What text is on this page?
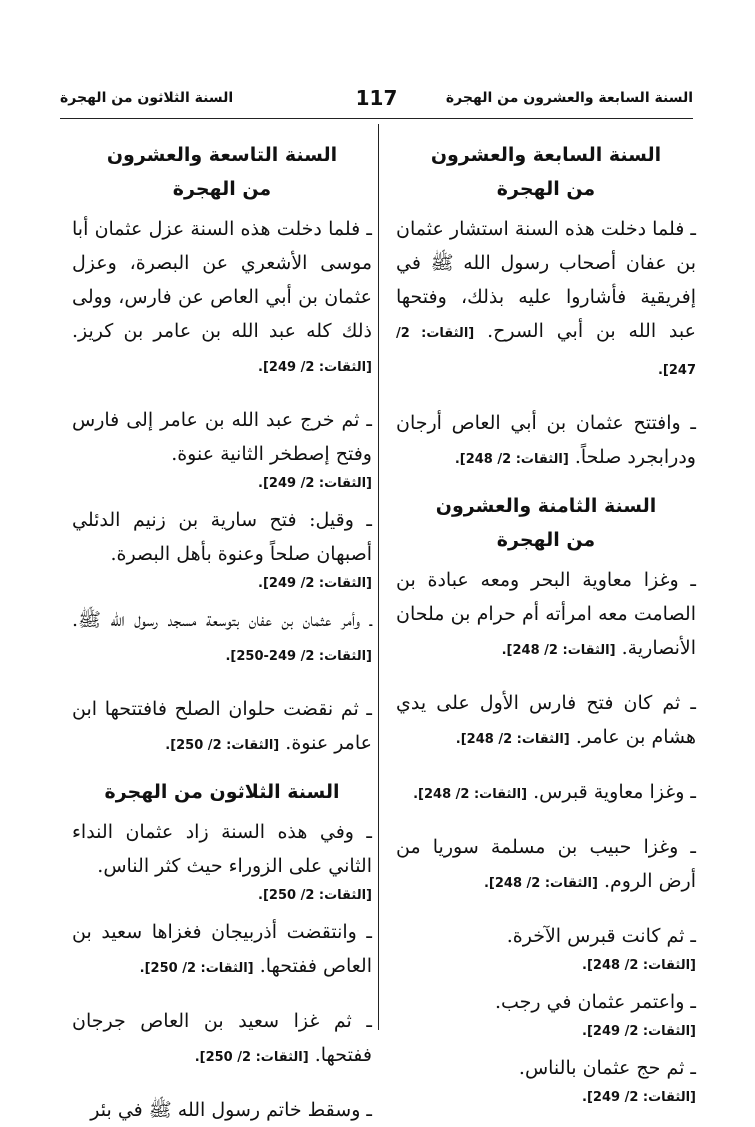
السنة السابعة والعشرون من الهجرة
117
السنة الثلاثون من الهجرة

السنة السابعة والعشرون

من الهجرة

ـ فلما دخلت هذه السنة استشار عثمان بن عفان أصحاب رسول الله ﷺ في إفريقية فأشاروا عليه بذلك، وفتحها عبد الله بن أبي السرح. [الثقات: 2/ 247].

ـ وافتتح عثمان بن أبي العاص أرجان ودرابجرد صلحاً. [الثقات: 2/ 248].

السنة الثامنة والعشرون

من الهجرة

ـ وغزا معاوية البحر ومعه عبادة بن الصامت معه امرأته أم حرام بن ملحان الأنصارية. [الثقات: 2/ 248].

ـ ثم كان فتح فارس الأول على يدي هشام بن عامر. [الثقات: 2/ 248].

ـ وغزا معاوية قبرس. [الثقات: 2/ 248].

ـ وغزا حبيب بن مسلمة سوريا من أرض الروم. [الثقات: 2/ 248].

ـ ثم كانت قبرس الآخرة.

[الثقات: 2/ 248].

ـ واعتمر عثمان في رجب.

[الثقات: 2/ 249].

ـ ثم حج عثمان بالناس.

[الثقات: 2/ 249].

السنة التاسعة والعشرون

من الهجرة

ـ فلما دخلت هذه السنة عزل عثمان أبا موسى الأشعري عن البصرة، وعزل عثمان بن أبي العاص عن فارس، وولى ذلك كله عبد الله بن عامر بن كريز. [الثقات: 2/ 249].

ـ ثم خرج عبد الله بن عامر إلى فارس وفتح إصطخر الثانية عنوة.

[الثقات: 2/ 249].

ـ وقيل: فتح سارية بن زنيم الدئلي أصبهان صلحاً وعنوة بأهل البصرة.

[الثقات: 2/ 249].

ـ وأمر عثمان بن عفان بتوسعة مسجد رسول الله ﷺ. [الثقات: 2/ 249-250].

ـ ثم نقضت حلوان الصلح فافتتحها ابن عامر عنوة. [الثقات: 2/ 250].

السنة الثلاثون من الهجرة

ـ وفي هذه السنة زاد عثمان النداء الثاني على الزوراء حيث كثر الناس.

[الثقات: 2/ 250].

ـ وانتقضت أذربيجان فغزاها سعيد بن العاص ففتحها. [الثقات: 2/ 250].

ـ ثم غزا سعيد بن العاص جرجان ففتحها. [الثقات: 2/ 250].

ـ وسقط خاتم رسول الله ﷺ في بئر
